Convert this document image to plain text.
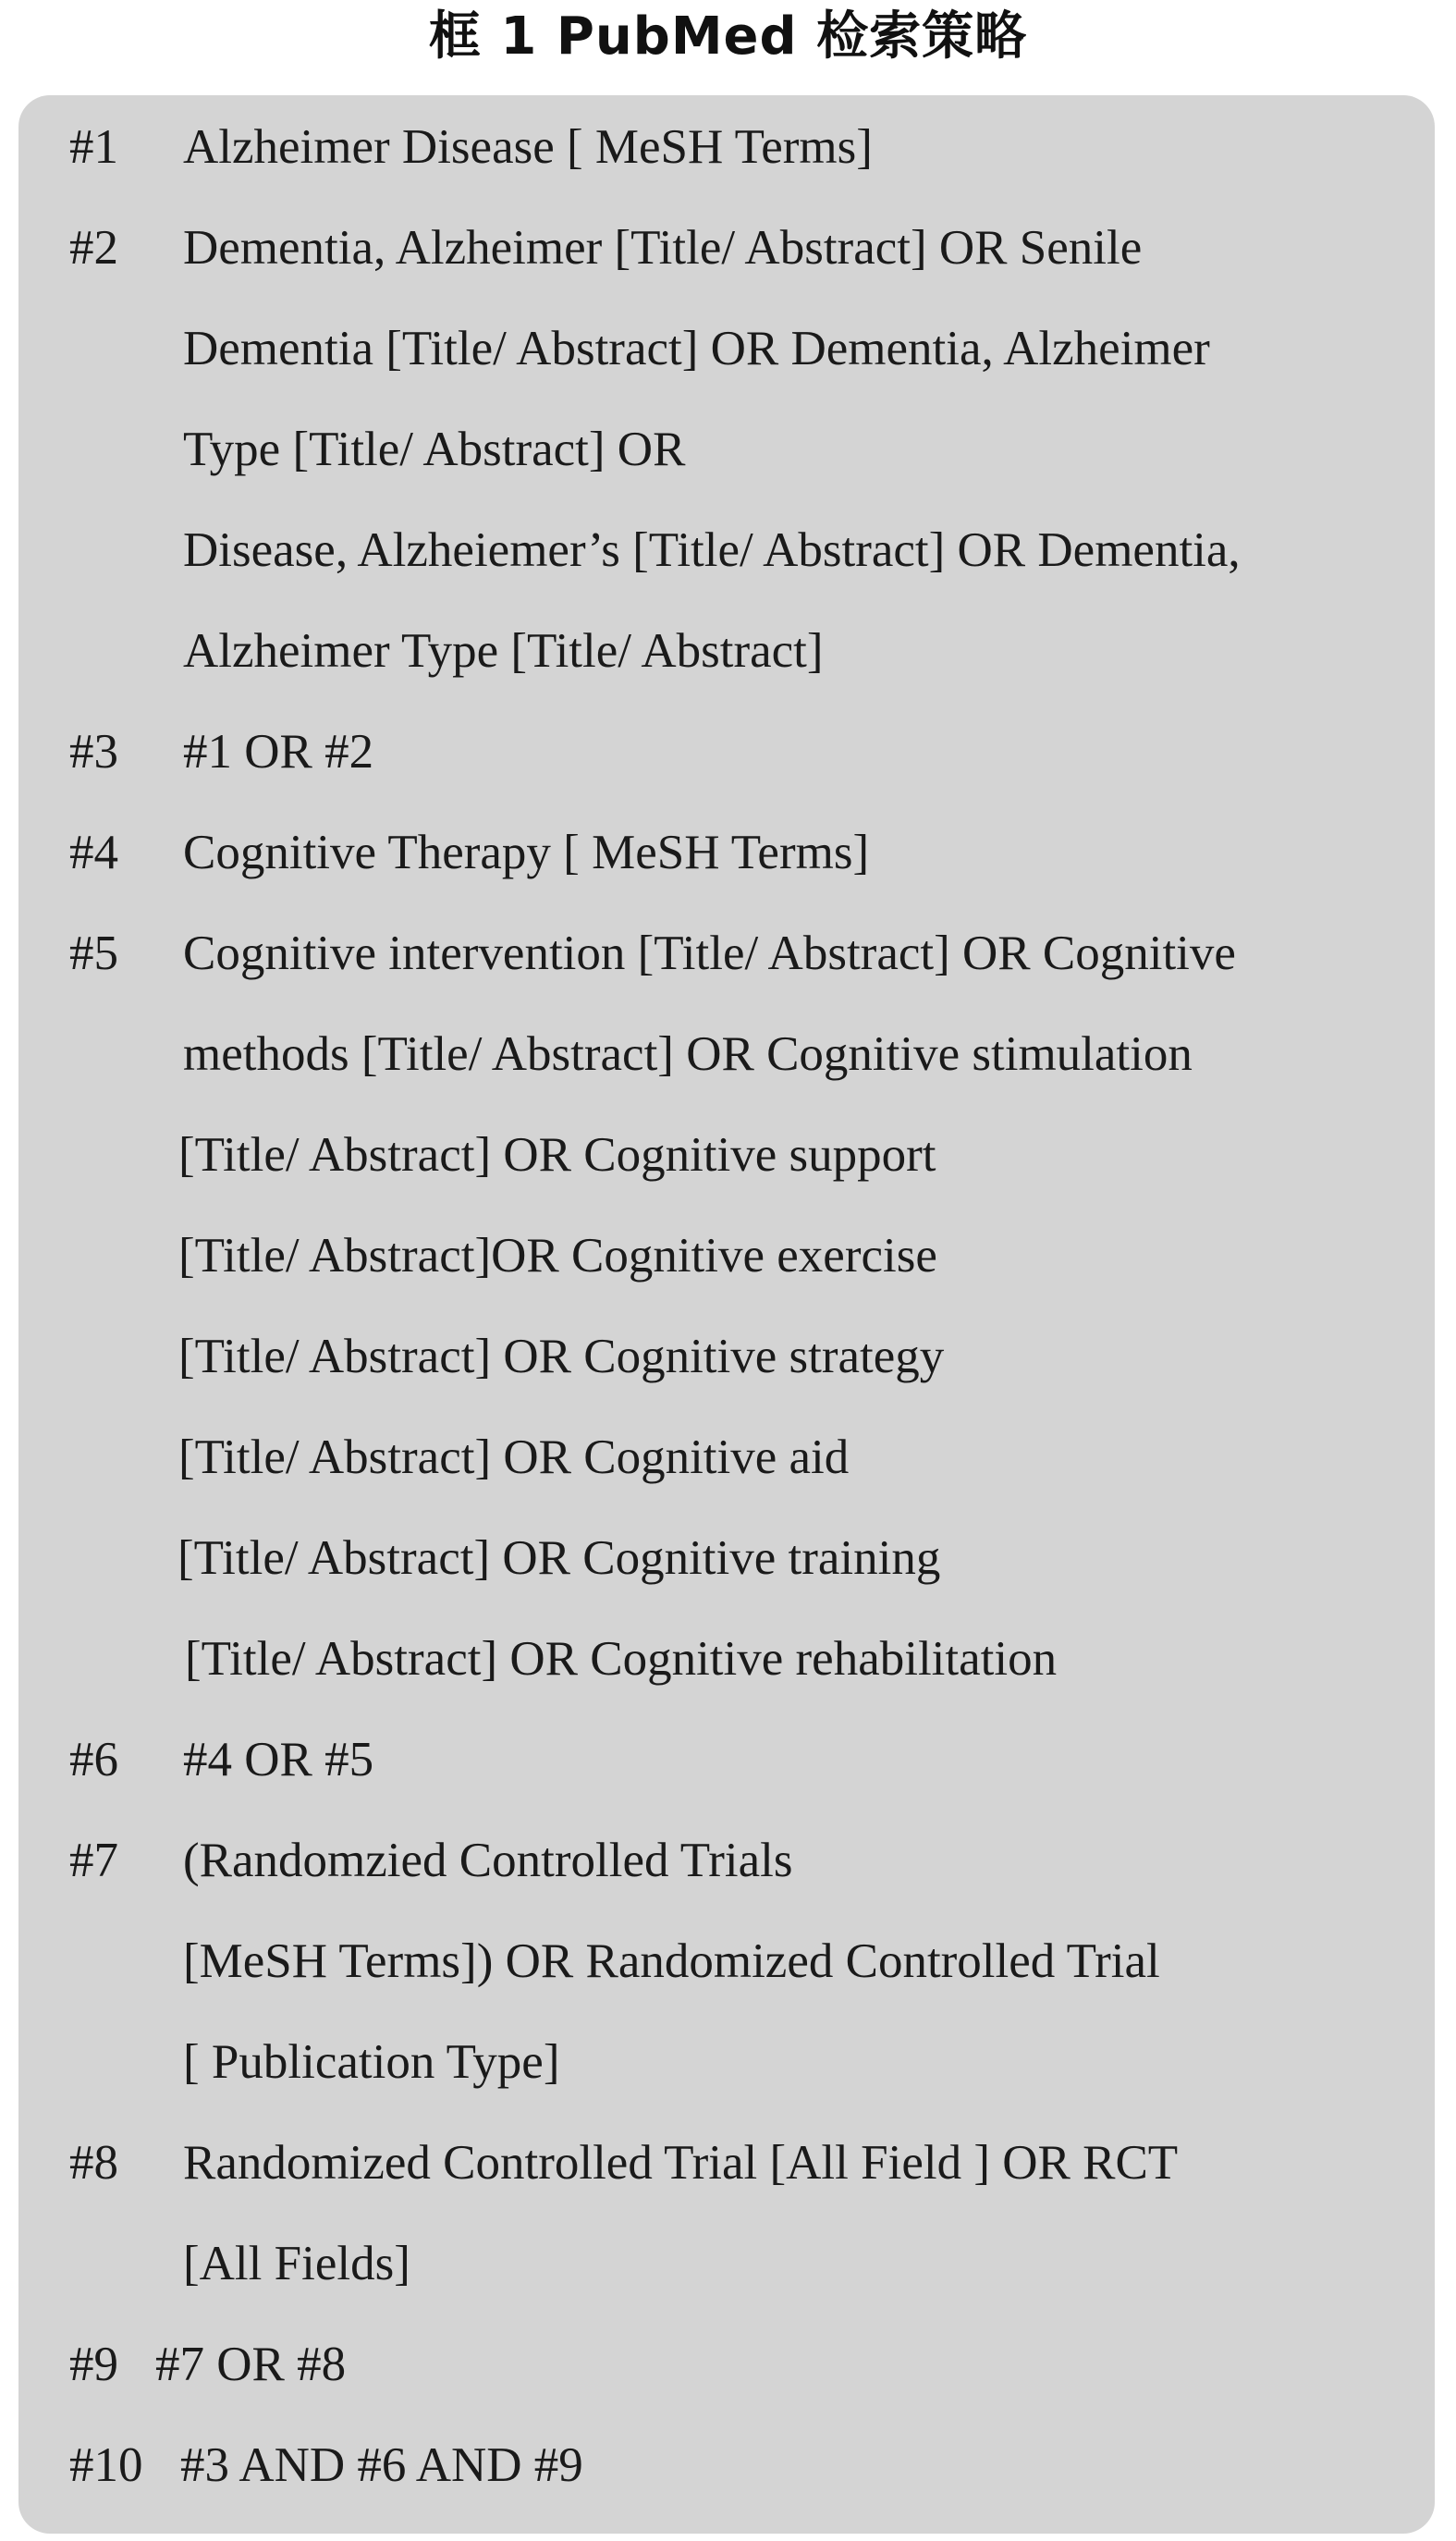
框 1 PubMed 检索策略
#1 Alzheimer Disease [ MeSH Terms]
#2 Dementia, Alzheimer [Title/ Abstract] OR Senile
Dementia [Title/ Abstract] OR Dementia, Alzheimer
Type [Title/ Abstract] OR
Disease, Alzheiemer’s [Title/ Abstract] OR Dementia,
Alzheimer Type [Title/ Abstract]
#3 #1 OR #2
#4 Cognitive Therapy [ MeSH Terms]
#5 Cognitive intervention [Title/ Abstract] OR Cognitive
methods [Title/ Abstract] OR Cognitive stimulation
[Title/ Abstract] OR Cognitive support
[Title/ Abstract]OR Cognitive exercise
[Title/ Abstract] OR Cognitive strategy
[Title/ Abstract] OR Cognitive aid
[Title/ Abstract] OR Cognitive training
[Title/ Abstract] OR Cognitive rehabilitation
#6 #4 OR #5
#7 (Randomzied Controlled Trials
[MeSH Terms]) OR Randomized Controlled Trial
[ Publication Type]
#8 Randomized Controlled Trial [All Field ] OR RCT
[All Fields]
#9 #7 OR #8
#10 #3 AND #6 AND #9
